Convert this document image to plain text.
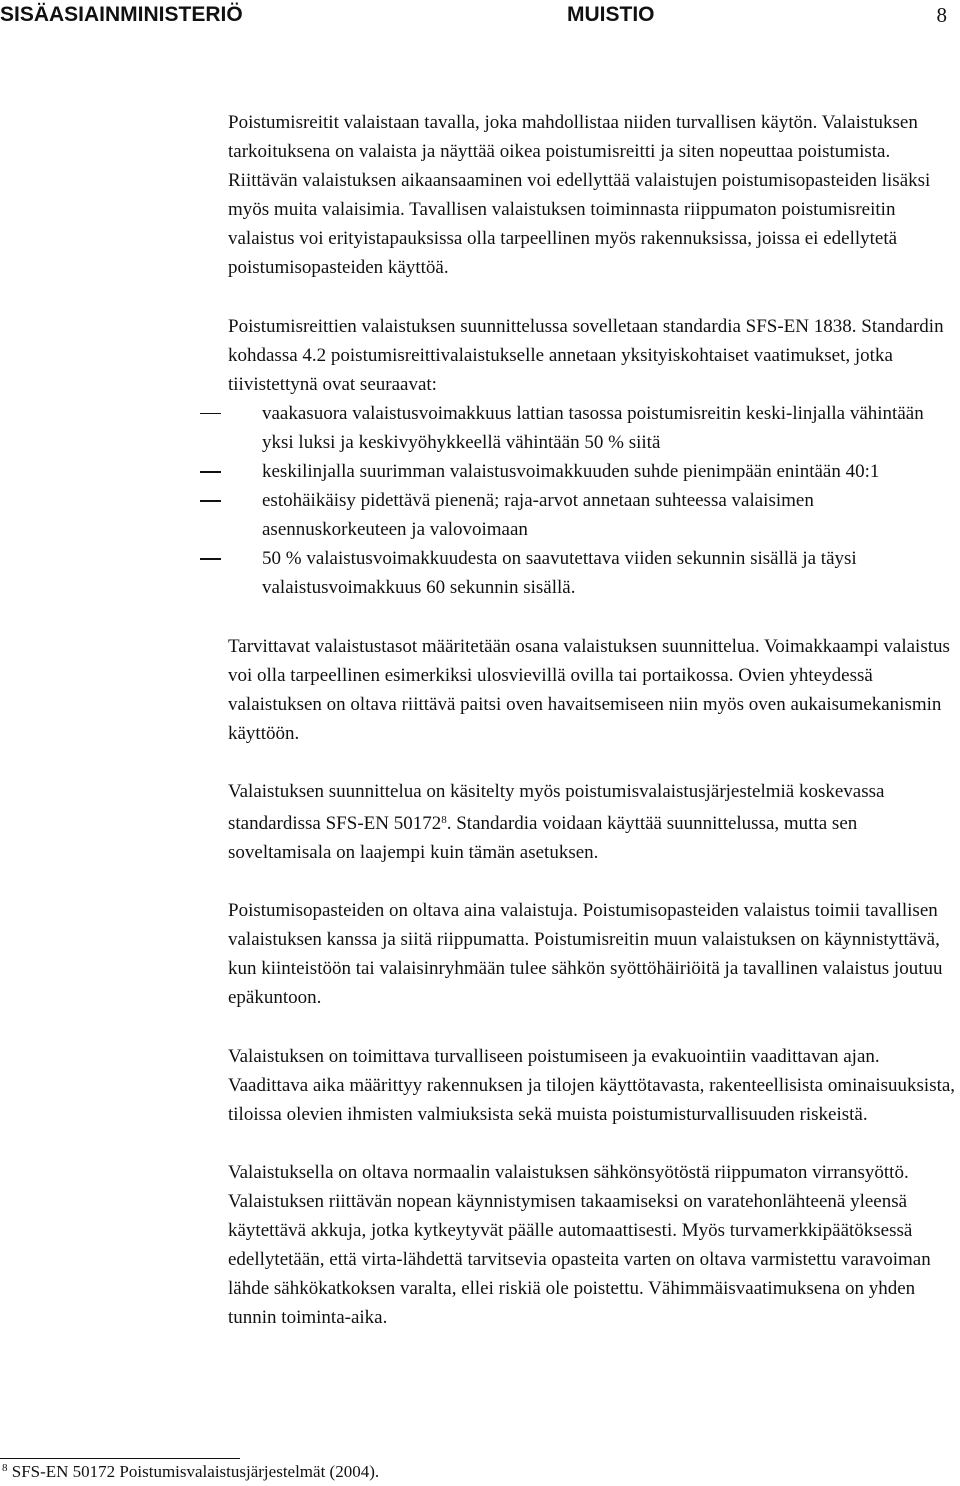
SISÄASIAINMINISTERIÖ	MUISTIO	8

Poistumisreitit valaistaan tavalla, joka mahdollistaa niiden turvallisen käytön. Valaistuksen tarkoituksena on valaista ja näyttää oikea poistumisreitti ja siten nopeuttaa poistumista. Riittävän valaistuksen aikaansaaminen voi edellyttää valaistujen poistumisopasteiden lisäksi myös muita valaisimia. Tavallisen valaistuksen toiminnasta riippumaton poistumisreitin valaistus voi erityistapauksissa olla tarpeellinen myös rakennuksissa, joissa ei edellytetä poistumisopasteiden käyttöä.

Poistumisreittien valaistuksen suunnittelussa sovelletaan standardia SFS-EN 1838. Standardin kohdassa 4.2 poistumisreittivalaistukselle annetaan yksityiskohtaiset vaatimukset, jotka tiivistettynä ovat seuraavat:

vaakasuora valaistusvoimakkuus lattian tasossa poistumisreitin keski-linjalla vähintään yksi luksi ja keskivyöhykkeellä vähintään 50 % siitä
keskilinjalla suurimman valaistusvoimakkuuden suhde pienimpään enintään 40:1
estohäikäisy pidettävä pienenä; raja-arvot annetaan suhteessa valaisimen asennuskorkeuteen ja valovoimaan
50 % valaistusvoimakkuudesta on saavutettava viiden sekunnin sisällä ja täysi valaistusvoimakkuus 60 sekunnin sisällä.

Tarvittavat valaistustasot määritetään osana valaistuksen suunnittelua. Voimakkaampi valaistus voi olla tarpeellinen esimerkiksi ulosvievillä ovilla tai portaikossa. Ovien yhteydessä valaistuksen on oltava riittävä paitsi oven havaitsemiseen niin myös oven aukaisumekanismin käyttöön.

Valaistuksen suunnittelua on käsitelty myös poistumisvalaistusjärjestelmiä koskevassa standardissa SFS-EN 50172$^8$. Standardia voidaan käyttää suunnittelussa, mutta sen soveltamisala on laajempi kuin tämän asetuksen.

Poistumisopasteiden on oltava aina valaistuja. Poistumisopasteiden valaistus toimii tavallisen valaistuksen kanssa ja siitä riippumatta. Poistumisreitin muun valaistuksen on käynnistyttävä, kun kiinteistöön tai valaisinryhmään tulee sähkön syöttöhäiriöitä ja tavallinen valaistus joutuu epäkuntoon.

Valaistuksen on toimittava turvalliseen poistumiseen ja evakuointiin vaadittavan ajan. Vaadittava aika määrittyy rakennuksen ja tilojen käyttötavasta, rakenteellisista ominaisuuksista, tiloissa olevien ihmisten valmiuksista sekä muista poistumisturvallisuuden riskeistä.

Valaistuksella on oltava normaalin valaistuksen sähkönsyötöstä riippumaton virransyöttö. Valaistuksen riittävän nopean käynnistymisen takaamiseksi on varatehonlähteenä yleensä käytettävä akkuja, jotka kytkeytyvät päälle automaattisesti. Myös turvamerkkipäätöksessä edellytetään, että virta-lähdettä tarvitsevia opasteita varten on oltava varmistettu varavoiman lähde sähkökatkoksen varalta, ellei riskiä ole poistettu. Vähimmäisvaatimuksena on yhden tunnin toiminta-aika.

$^8$ SFS-EN 50172 Poistumisvalaistusjärjestelmät (2004).
